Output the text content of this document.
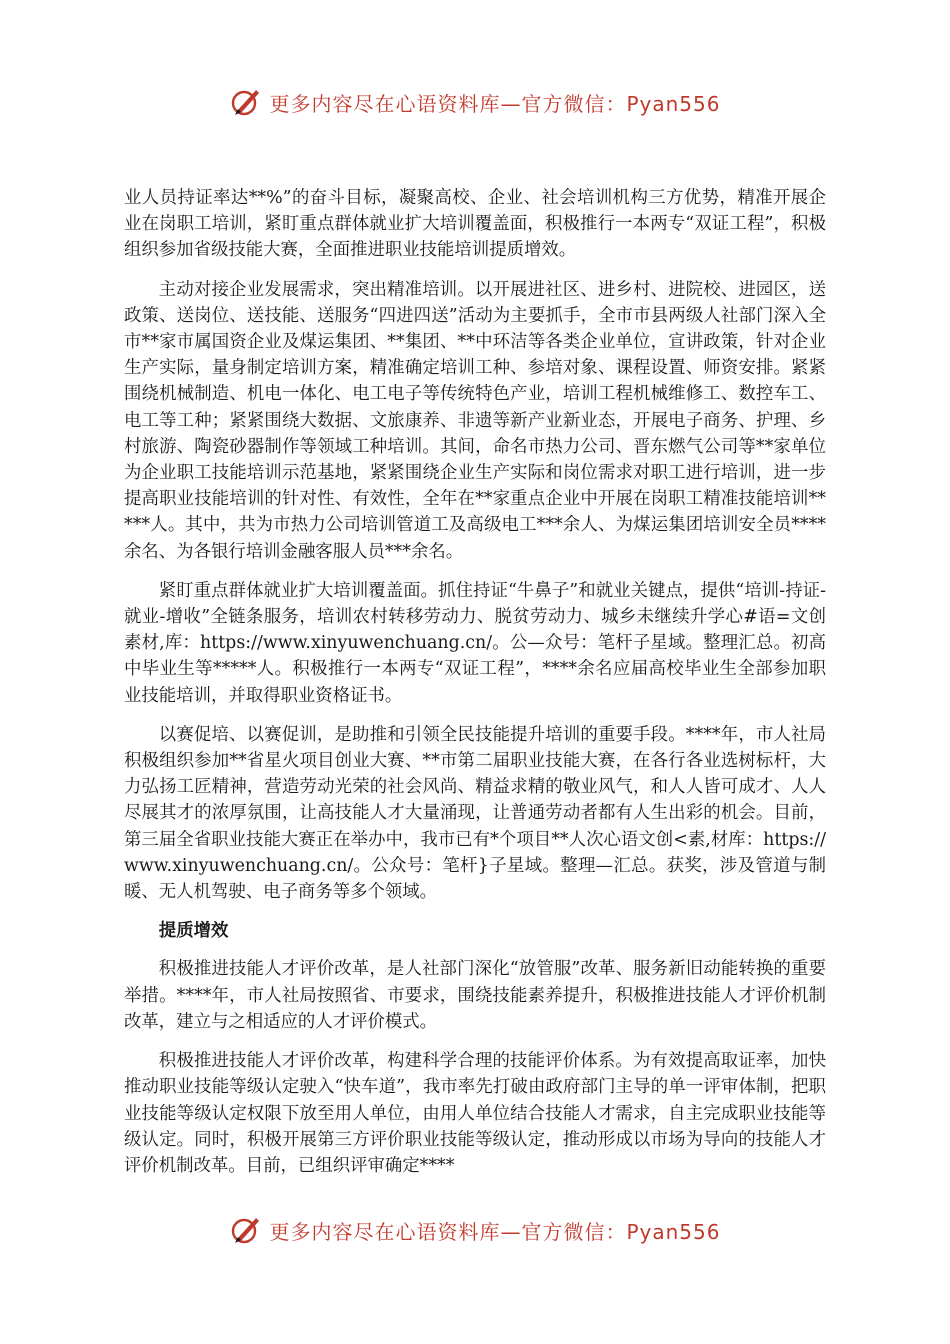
更多内容尽在心语资料库—官方微信：Pyan556

业人员持证率达**%”的奋斗目标，凝聚高校、企业、社会培训机构三方优势，精准开展企业在岗职工培训，紧盯重点群体就业扩大培训覆盖面，积极推行一本两专“双证工程”，积极组织参加省级技能大赛，全面推进职业技能培训提质增效。

主动对接企业发展需求，突出精准培训。以开展进社区、进乡村、进院校、进园区，送政策、送岗位、送技能、送服务“四进四送”活动为主要抓手，全市市县两级人社部门深入全市**家市属国资企业及煤运集团、**集团、**中环洁等各类企业单位，宣讲政策，针对企业生产实际，量身制定培训方案，精准确定培训工种、参培对象、课程设置、师资安排。紧紧围绕机械制造、机电一体化、电工电子等传统特色产业，培训工程机械维修工、数控车工、电工等工种；紧紧围绕大数据、文旅康养、非遗等新产业新业态，开展电子商务、护理、乡村旅游、陶瓷砂器制作等领域工种培训。其间，命名市热力公司、晋东燃气公司等**家单位为企业职工技能培训示范基地，紧紧围绕企业生产实际和岗位需求对职工进行培训，进一步提高职业技能培训的针对性、有效性，全年在**家重点企业中开展在岗职工精准技能培训*****人。其中，共为市热力公司培训管道工及高级电工***余人、为煤运集团培训安全员****余名、为各银行培训金融客服人员***余名。

紧盯重点群体就业扩大培训覆盖面。抓住持证“牛鼻子”和就业关键点，提供“培训-持证-就业-增收”全链条服务，培训农村转移劳动力、脱贫劳动力、城乡未继续升学心#语=文创素材,库：https://www.xinyuwenchuang.cn/。公—众号：笔杆子星域。整理汇总。初高中毕业生等*****人。积极推行一本两专“双证工程”，****余名应届高校毕业生全部参加职业技能培训，并取得职业资格证书。

以赛促培、以赛促训，是助推和引领全民技能提升培训的重要手段。****年，市人社局积极组织参加**省星火项目创业大赛、**市第二届职业技能大赛，在各行各业选树标杆，大力弘扬工匠精神，营造劳动光荣的社会风尚、精益求精的敬业风气，和人人皆可成才、人人尽展其才的浓厚氛围，让高技能人才大量涌现，让普通劳动者都有人生出彩的机会。目前，第三届全省职业技能大赛正在举办中，我市已有*个项目**人次心语文创<素,材库：https://www.xinyuwenchuang.cn/。公众号：笔杆}子星域。整理—汇总。获奖，涉及管道与制暖、无人机驾驶、电子商务等多个领域。

提质增效

积极推进技能人才评价改革，是人社部门深化“放管服”改革、服务新旧动能转换的重要举措。****年，市人社局按照省、市要求，围绕技能素养提升，积极推进技能人才评价机制改革，建立与之相适应的人才评价模式。

积极推进技能人才评价改革，构建科学合理的技能评价体系。为有效提高取证率，加快推动职业技能等级认定驶入“快车道”，我市率先打破由政府部门主导的单一评审体制，把职业技能等级认定权限下放至用人单位，由用人单位结合技能人才需求，自主完成职业技能等级认定。同时，积极开展第三方评价职业技能等级认定，推动形成以市场为导向的技能人才评价机制改革。目前，已组织评审确定****

更多内容尽在心语资料库—官方微信：Pyan556
